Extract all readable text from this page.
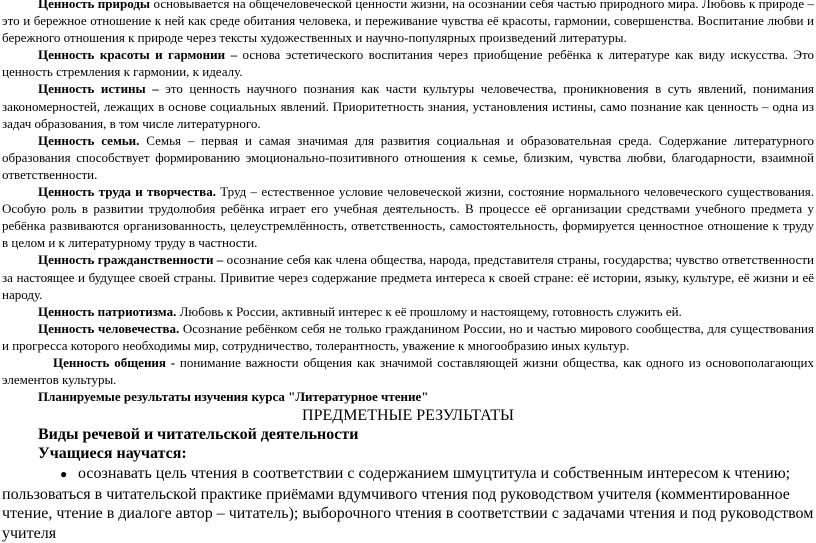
Ценность природы основывается на общечеловеческой ценности жизни, на осознании себя частью природного мира. Любовь к природе – это и бережное отношение к ней как среде обитания человека, и переживание чувства её красоты, гармонии, совершенства. Воспитание любви и бережного отношения к природе через тексты художественных и научно-популярных произведений литературы.

Ценность красоты и гармонии – основа эстетического воспитания через приобщение ребёнка к литературе как виду искусства. Это ценность стремления к гармонии, к идеалу.

Ценность истины – это ценность научного познания как части культуры человечества, проникновения в суть явлений, понимания закономерностей, лежащих в основе социальных явлений. Приоритетность знания, установления истины, само познание как ценность – одна из задач образования, в том числе литературного.

Ценность семьи. Семья – первая и самая значимая для развития социальная и образовательная среда. Содержание литературного образования способствует формированию эмоционально-позитивного отношения к семье, близким, чувства любви, благодарности, взаимной ответственности.

Ценность труда и творчества. Труд – естественное условие человеческой жизни, состояние нормального человеческого существования. Особую роль в развитии трудолюбия ребёнка играет его учебная деятельность. В процессе её организации средствами учебного предмета у ребёнка развиваются организованность, целеустремлённость, ответственность, самостоятельность, формируется ценностное отношение к труду в целом и к литературному труду в частности.

Ценность гражданственности – осознание себя как члена общества, народа, представителя страны, государства; чувство ответственности за настоящее и будущее своей страны. Привитие через содержание предмета интереса к своей стране: её истории, языку, культуре, её жизни и её народу.

Ценность патриотизма. Любовь к России, активный интерес к её прошлому и настоящему, готовность служить ей.

Ценность человечества. Осознание ребёнком себя не только гражданином России, но и частью мирового сообщества, для существования и прогресса которого необходимы мир, сотрудничество, толерантность, уважение к многообразию иных культур.

Ценность общения - понимание важности общения как значимой составляющей жизни общества, как одного из основополагающих элементов культуры.

Планируемые результаты изучения курса "Литературное чтение"

ПРЕДМЕТНЫЕ РЕЗУЛЬТАТЫ

Виды речевой и читательской деятельности

Учащиеся научатся:

● осознавать цель чтения в соответствии с содержанием шмуцтитула и собственным интересом к чтению; пользоваться в читательской практике приёмами вдумчивого чтения под руководством учителя (комментированное чтение, чтение в диалоге автор – читатель); выборочного чтения в соответствии с задачами чтения и под руководством учителя
